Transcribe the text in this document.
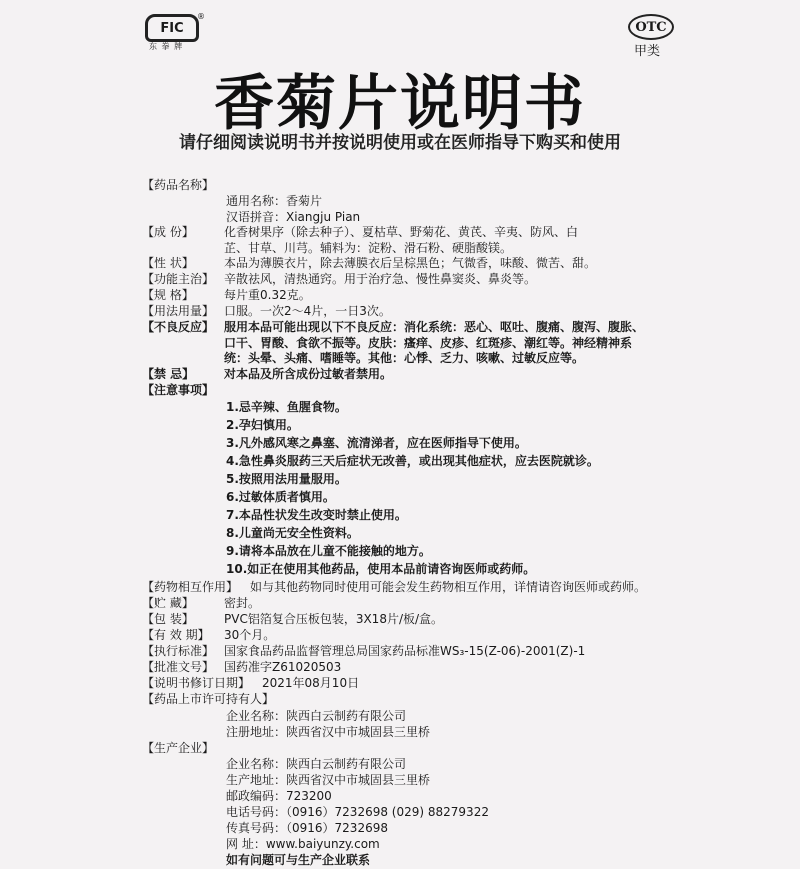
FIC
®
东 拳 牌
OTC
甲类
香菊片说明书
请仔细阅读说明书并按说明使用或在医师指导下购买和使用
【药品名称】
通用名称：香菊片
汉语拼音：Xiangju Pian
【成 份】	化香树果序（除去种子）、夏枯草、野菊花、黄芪、辛夷、防风、白
芷、甘草、川芎。辅料为：淀粉、滑石粉、硬脂酸镁。
【性 状】	本品为薄膜衣片，除去薄膜衣后呈棕黑色；气微香，味酸、微苦、甜。
【功能主治】 辛散祛风，清热通窍。用于治疗急、慢性鼻窦炎、鼻炎等。
【规 格】	每片重0.32克。
【用法用量】 口服。一次2～4片，一日3次。
【不良反应】 服用本品可能出现以下不良反应：消化系统：恶心、呕吐、腹痛、腹泻、腹胀、
口干、胃酸、食欲不振等。皮肤：瘙痒、皮疹、红斑疹、潮红等。神经精神系
统：头晕、头痛、嗜睡等。其他：心悸、乏力、咳嗽、过敏反应等。
【禁 忌】	对本品及所含成份过敏者禁用。
【注意事项】
1.忌辛辣、鱼腥食物。
2.孕妇慎用。
3.凡外感风寒之鼻塞、流清涕者，应在医师指导下使用。
4.急性鼻炎服药三天后症状无改善，或出现其他症状，应去医院就诊。
5.按照用法用量服用。
6.过敏体质者慎用。
7.本品性状发生改变时禁止使用。
8.儿童尚无安全性资料。
9.请将本品放在儿童不能接触的地方。
10.如正在使用其他药品，使用本品前请咨询医师或药师。
【药物相互作用】 如与其他药物同时使用可能会发生药物相互作用，详情请咨询医师或药师。
【贮 藏】	密封。
【包 装】	PVC铝箔复合压板包装，3X18片/板/盒。
【有 效 期】	30个月。
【执行标准】 国家食品药品监督管理总局国家药品标准WS₃-15(Z-06)-2001(Z)-1
【批准文号】 国药准字Z61020503
【说明书修订日期】 2021年08月10日
【药品上市许可持有人】
企业名称：陕西白云制药有限公司
注册地址：陕西省汉中市城固县三里桥
【生产企业】
企业名称：陕西白云制药有限公司
生产地址：陕西省汉中市城固县三里桥
邮政编码：723200
电话号码：（0916）7232698 (029) 88279322
传真号码：（0916）7232698
网 址：www.baiyunzy.com
如有问题可与生产企业联系
